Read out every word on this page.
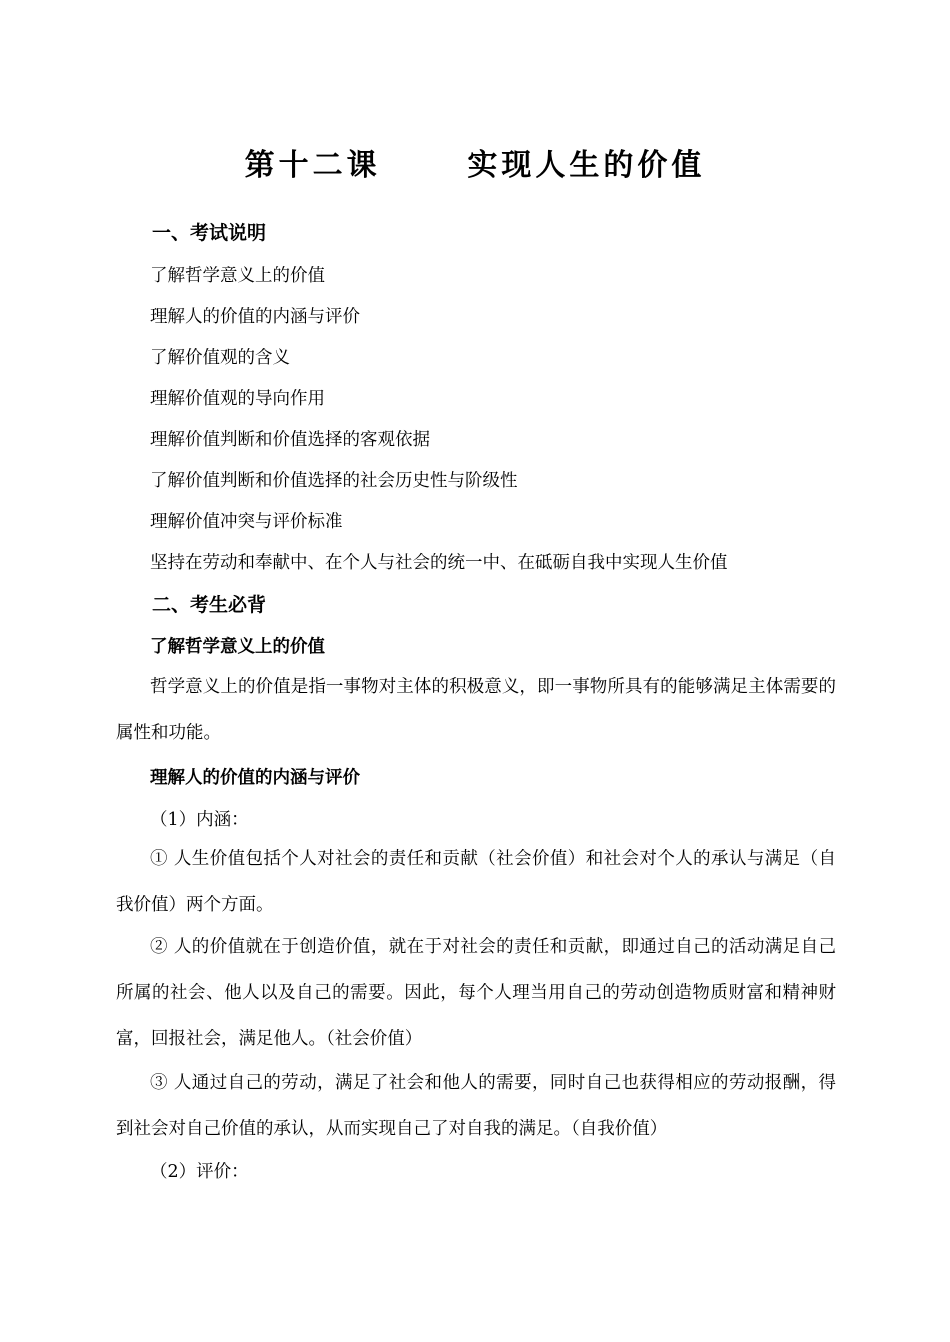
第十二课      实现人生的价值
一、考试说明
了解哲学意义上的价值
理解人的价值的内涵与评价
了解价值观的含义
理解价值观的导向作用
理解价值判断和价值选择的客观依据
了解价值判断和价值选择的社会历史性与阶级性
理解价值冲突与评价标准
坚持在劳动和奉献中、在个人与社会的统一中、在砥砺自我中实现人生价值
二、考生必背
了解哲学意义上的价值
哲学意义上的价值是指一事物对主体的积极意义，即一事物所具有的能够满足主体需要的属性和功能。
理解人的价值的内涵与评价
（1）内涵：
① 人生价值包括个人对社会的责任和贡献（社会价值）和社会对个人的承认与满足（自我价值）两个方面。
② 人的价值就在于创造价值，就在于对社会的责任和贡献，即通过自己的活动满足自己所属的社会、他人以及自己的需要。因此，每个人理当用自己的劳动创造物质财富和精神财富，回报社会，满足他人。（社会价值）
③ 人通过自己的劳动，满足了社会和他人的需要，同时自己也获得相应的劳动报酬，得到社会对自己价值的承认，从而实现自己了对自我的满足。（自我价值）
（2）评价：
